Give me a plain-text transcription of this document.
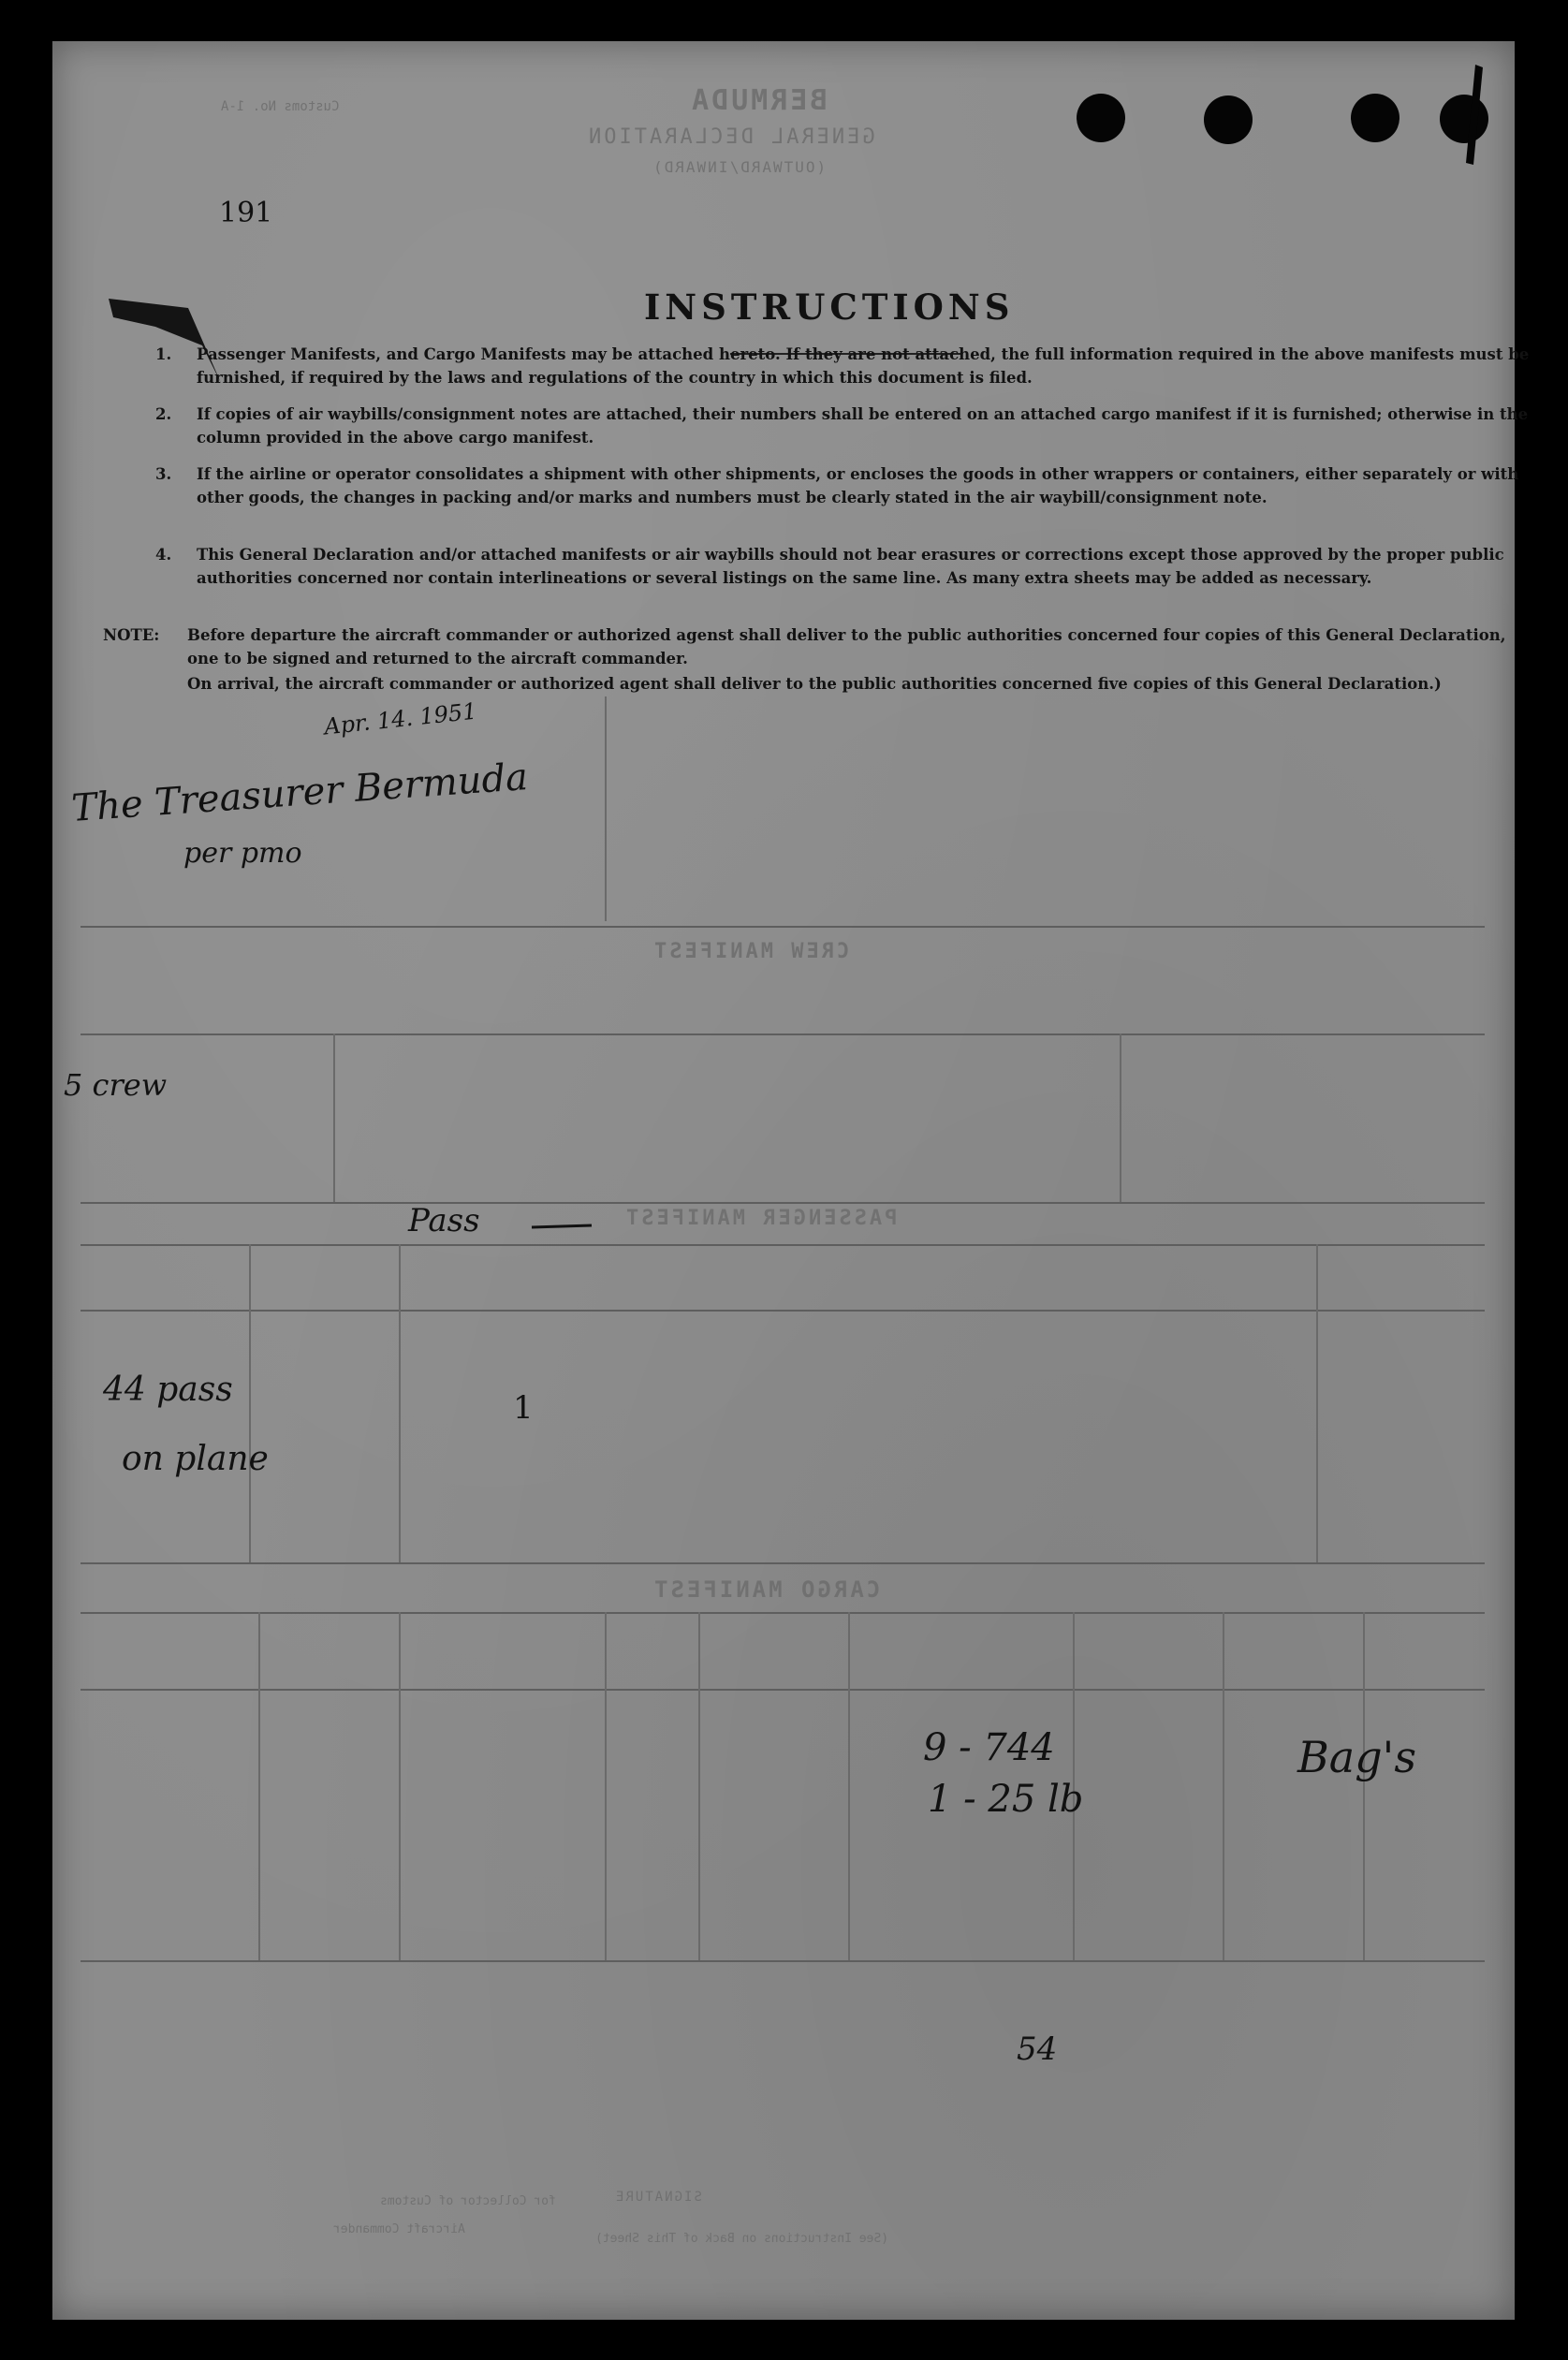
BERMUDA
GENERAL DECLARATION
(OUTWARD/INWARD)
Customs No. 1-A
CREW MANIFEST
PASSENGER MANIFEST
CARGO MANIFEST
SIGNATURE
Aircraft Commander
for Collector of Customs
(See Instructions on Back of This Sheet)
INSTRUCTIONS
1.	Passenger Manifests, and Cargo Manifests may be attached hereto. If they are not attached, the full information required in the above manifests must be furnished, if required by the laws and regulations of the country in which this document is filed.
2.	If copies of air waybills/consignment notes are attached, their numbers shall be entered on an attached cargo manifest if it is furnished; otherwise in the column provided in the above cargo manifest.
3.	If the airline or operator consolidates a shipment with other shipments, or encloses the goods in other wrappers or containers, either separately or with other goods, the changes in packing and/or marks and numbers must be clearly stated in the air waybill/consignment note.
4.	This General Declaration and/or attached manifests or air waybills should not bear erasures or corrections except those approved by the proper public authorities concerned nor contain interlineations or several listings on the same line. As many extra sheets may be added as necessary.
NOTE: Before departure the aircraft commander or authorized agenst shall deliver to the public authorities concerned four copies of this General Declaration, one to be signed and returned to the aircraft commander.
On arrival, the aircraft commander or authorized agent shall deliver to the public authorities concerned five copies of this General Declaration.)
191
Apr. 14. 1951
The Treasurer Bermuda
per pmo
5 crew
Pass
1
44 pass
on plane
Bag's
9 - 744
1 - 25 lb
54
